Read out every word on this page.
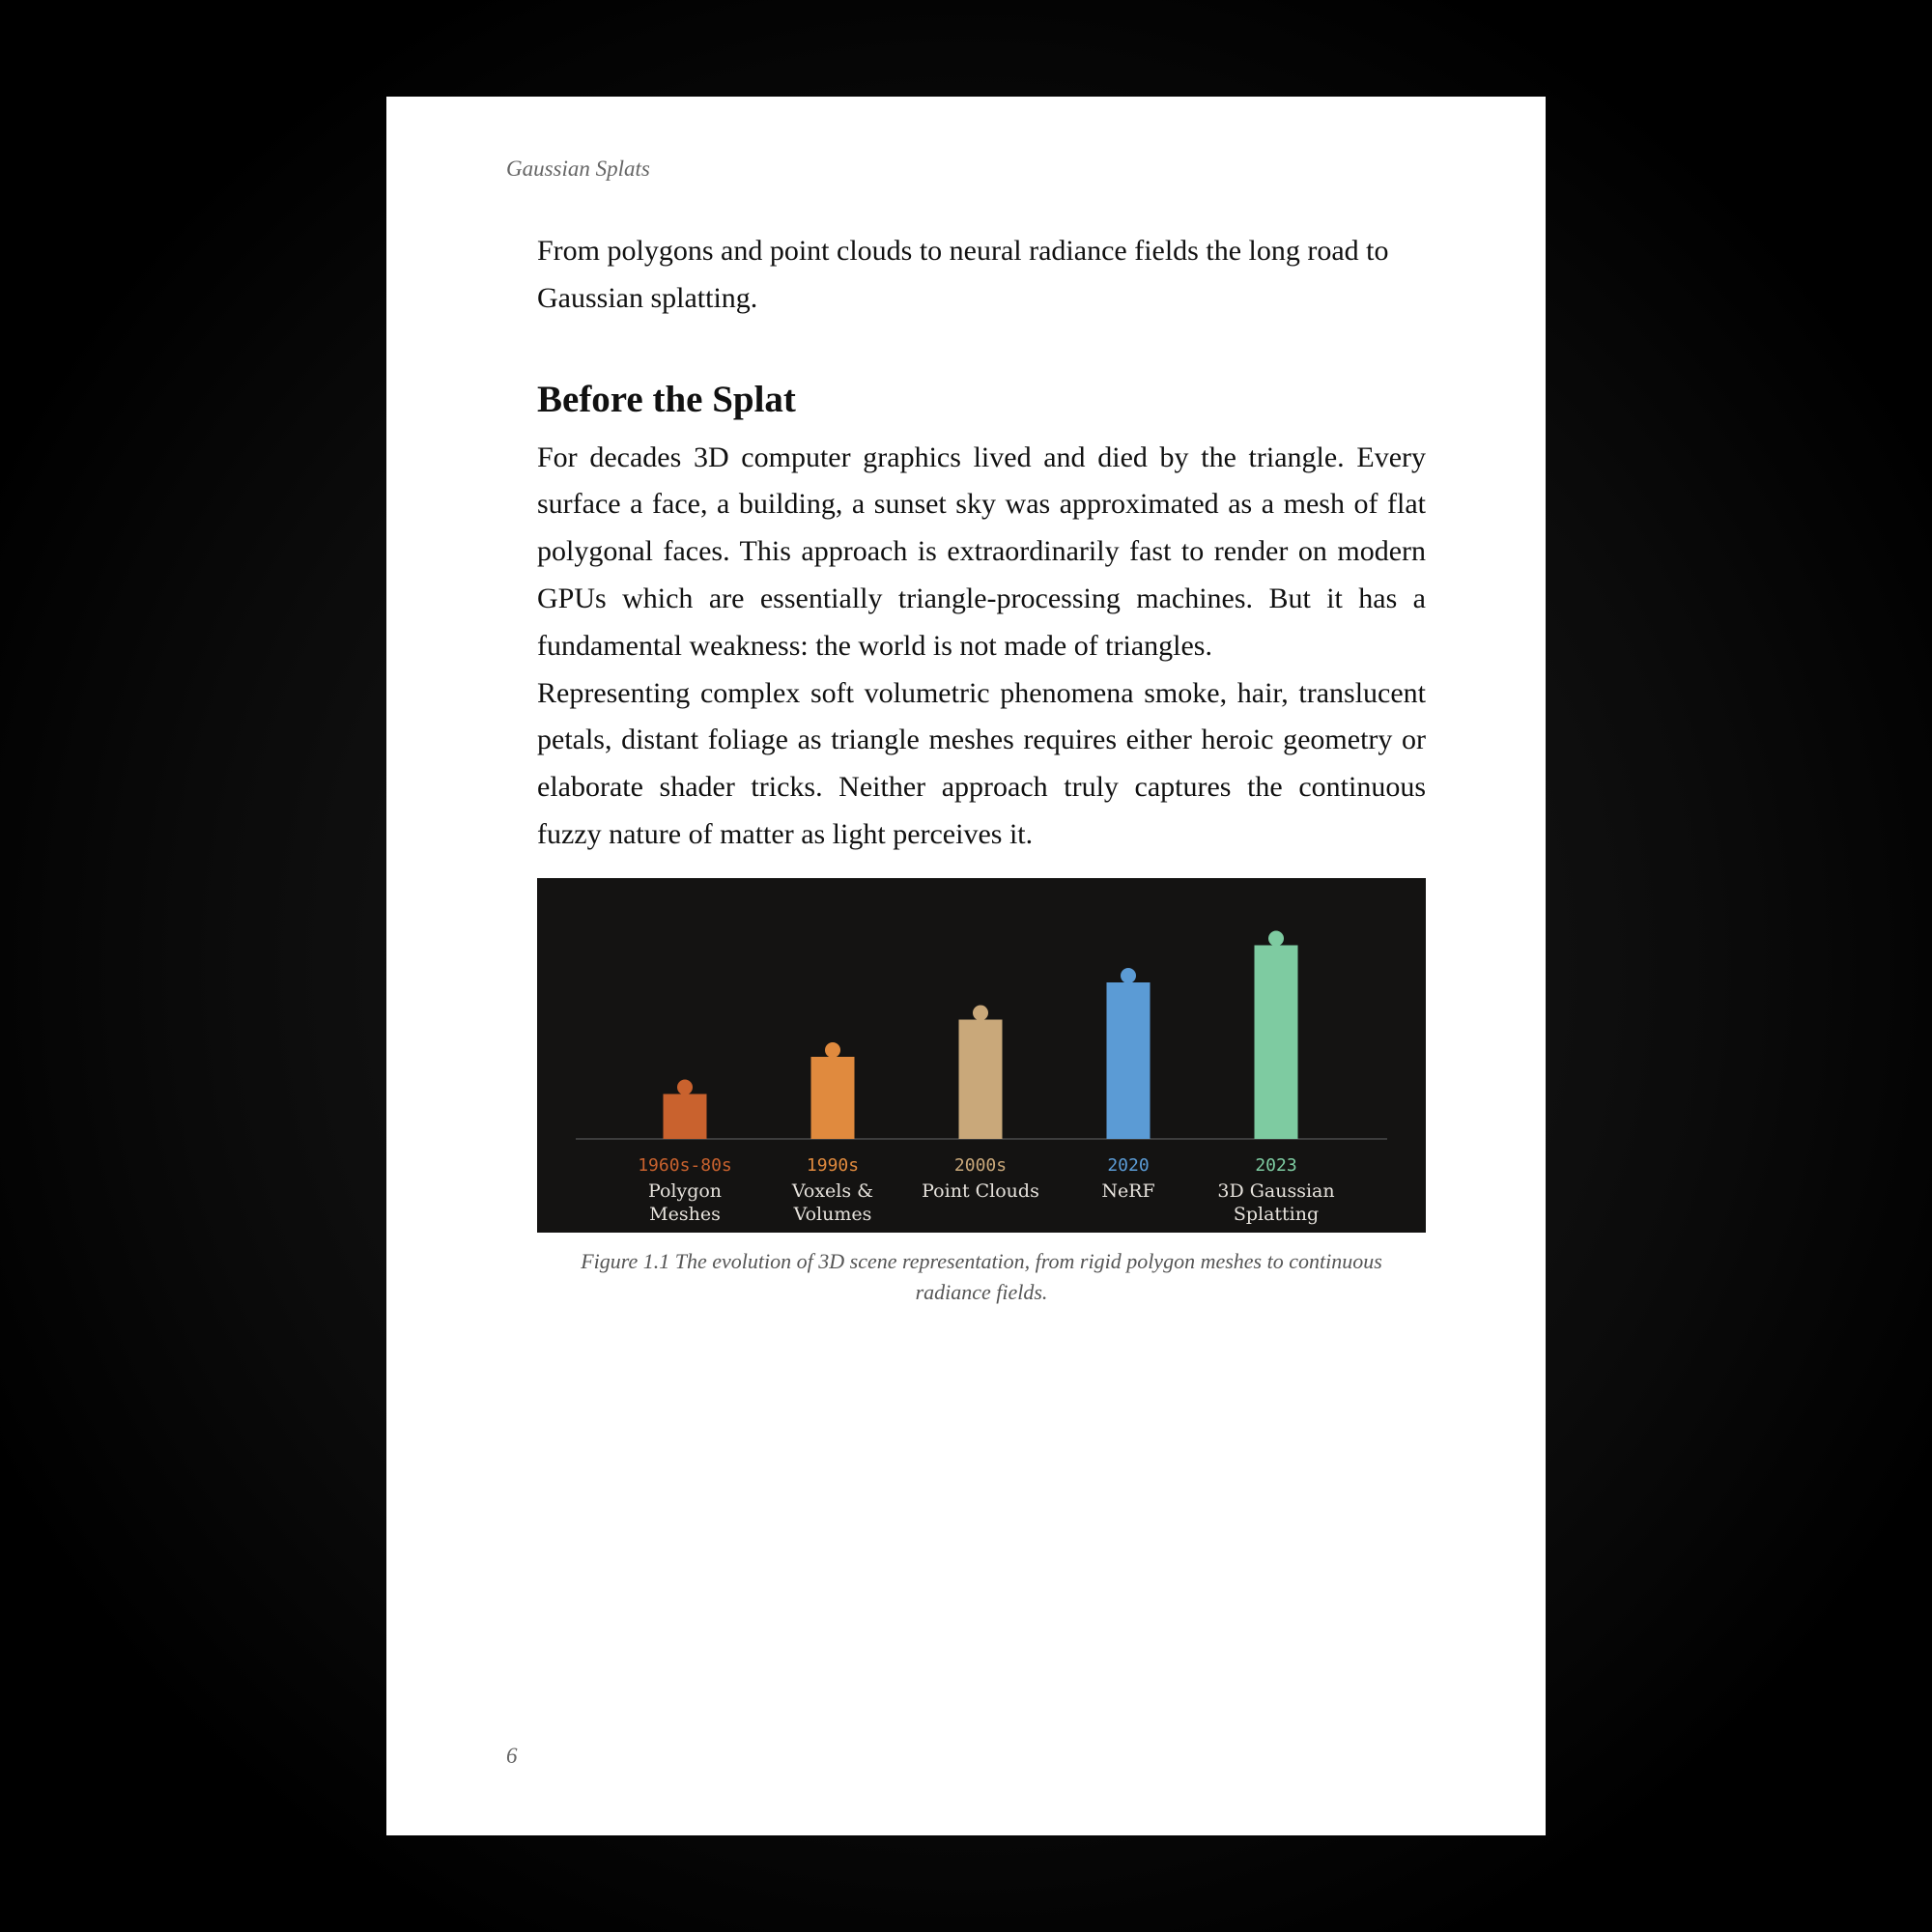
Gaussian Splats

From polygons and point clouds to neural radiance fields the long road to Gaussian splatting.

Before the Splat

For decades 3D computer graphics lived and died by the triangle. Every surface a face, a building, a sunset sky was approximated as a mesh of flat polygonal faces. This approach is extraordinarily fast to render on modern GPUs which are essentially triangle-processing machines. But it has a fundamental weakness: the world is not made of triangles.

Representing complex soft volumetric phenomena smoke, hair, translucent petals, distant foliage as triangle meshes requires either heroic geometry or elaborate shader tricks. Neither approach truly captures the continuous fuzzy nature of matter as light perceives it.

1960s-80s
Polygon
Meshes
1990s
Voxels &
Volumes
2000s
Point Clouds
2020
NeRF
2023
3D Gaussian
Splatting
Figure 1.1 The evolution of 3D scene representation, from rigid polygon meshes to continuous radiance fields.
6
